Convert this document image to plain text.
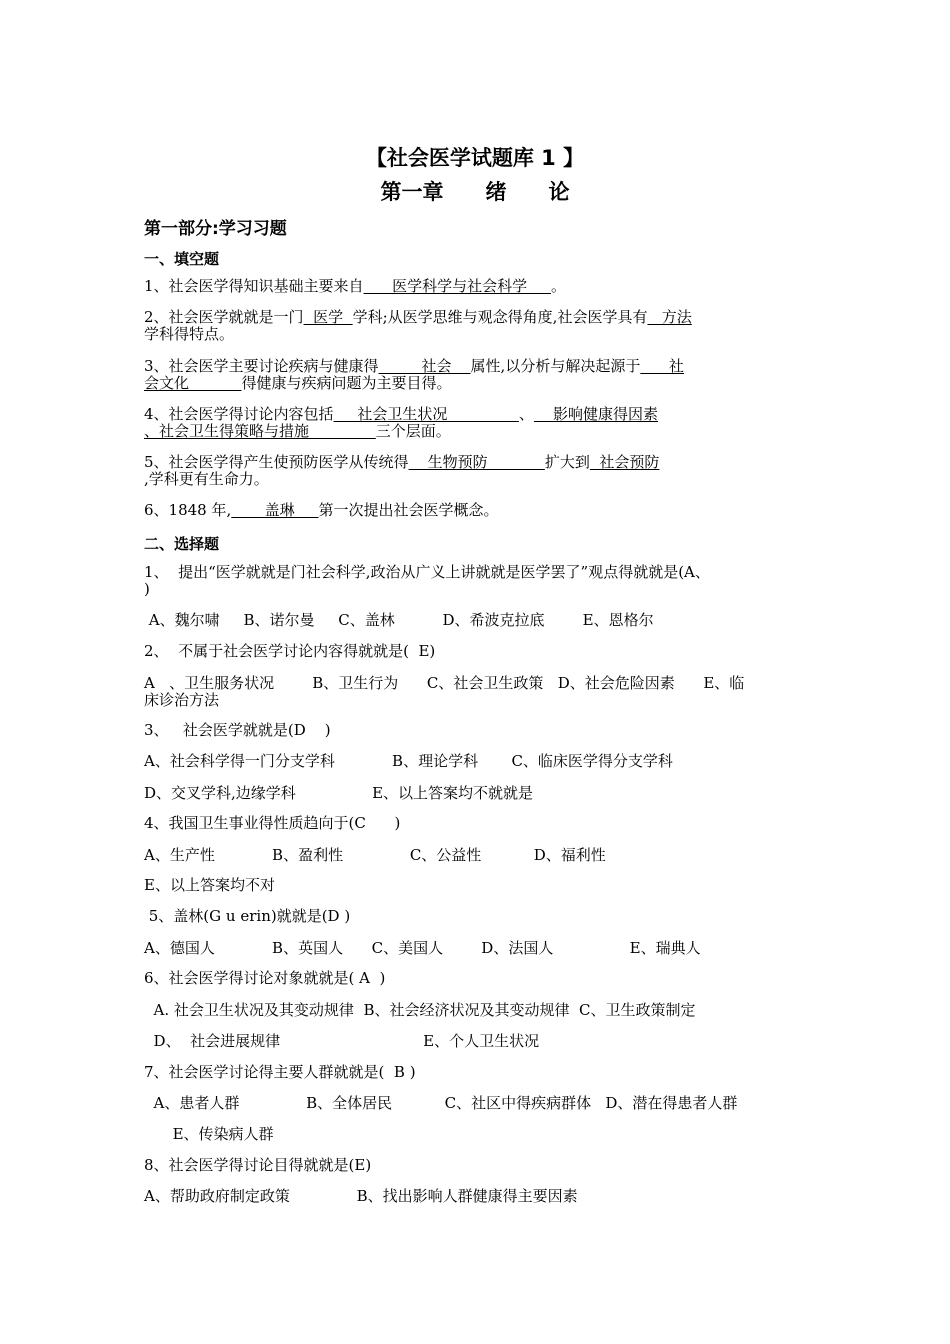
【社会医学试题库 1 】
第一章　　绪　　论
第一部分:学习习题
一、填空题
1、社会医学得知识基础主要来自      医学科学与社会科学     。
2、社会医学就就是一门  医学  学科;从医学思维与观念得角度,社会医学具有   方法
学科得特点。
3、社会医学主要讨论疾病与健康得         社会    属性,以分析与解决起源于      社
会文化           得健康与疾病问题为主要目得。
4、社会医学得讨论内容包括     社会卫生状况               、    影响健康得因素
、社会卫生得策略与措施              三个层面。
5、社会医学得产生使预防医学从传统得    生物预防            扩大到  社会预防
,学科更有生命力。
6、1848 年,       盖琳     第一次提出社会医学概念。
二、选择题
1、  提出“医学就就是门社会科学,政治从广义上讲就就是医学罢了”观点得就就是(A、
)
A、魏尔啸     B、诺尔曼     C、盖林          D、希波克拉底        E、恩格尔
2、  不属于社会医学讨论内容得就就是(  E)
A   、卫生服务状况        B、卫生行为      C、社会卫生政策   D、社会危险因素      E、临
床诊治方法
3、   社会医学就就是(D    )
A、社会科学得一门分支学科            B、理论学科       C、临床医学得分支学科
D、交叉学科,边缘学科                E、以上答案均不就就是
4、我国卫生事业得性质趋向于(C      )
A、生产性            B、盈利性              C、公益性           D、福利性
E、以上答案均不对
5、盖林(G u erin)就就是(D )
A、德国人            B、英国人      C、美国人        D、法国人                E、瑞典人
6、社会医学得讨论对象就就是( A  )
A. 社会卫生状况及其变动规律  B、社会经济状况及其变动规律  C、卫生政策制定
D、  社会进展规律                              E、个人卫生状况
7、社会医学讨论得主要人群就就是(  B )
A、患者人群              B、全体居民           C、社区中得疾病群体   D、潜在得患者人群
E、传染病人群
8、社会医学得讨论目得就就是(E)
A、帮助政府制定政策              B、找出影响人群健康得主要因素
